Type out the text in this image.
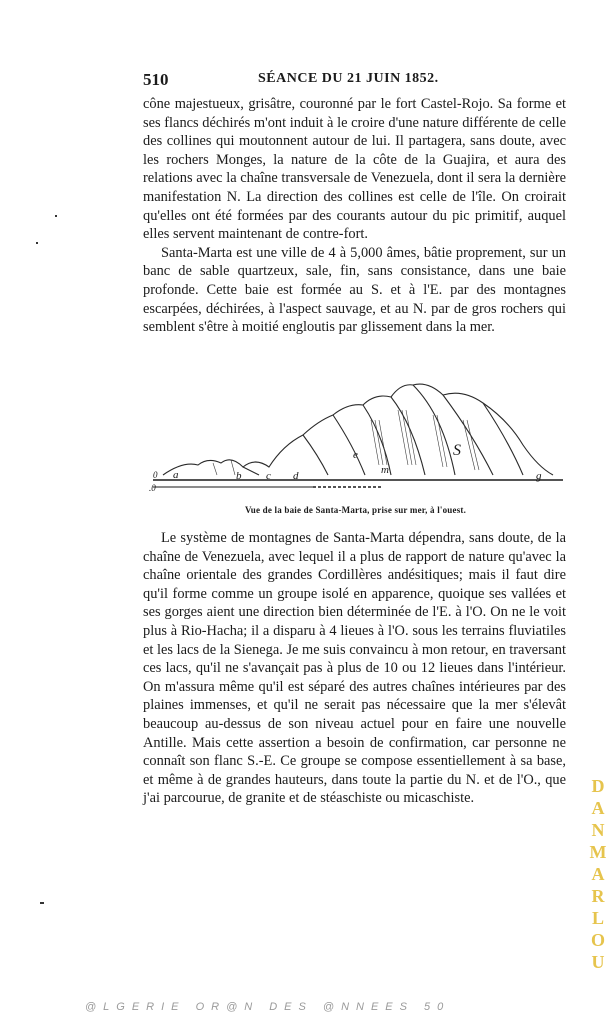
510	SÉANCE DU 21 JUIN 1852.

cône majestueux, grisâtre, couronné par le fort Castel-Rojo. Sa forme et ses flancs déchirés m'ont induit à le croire d'une nature différente de celle des collines qui moutonnent autour de lui. Il partagera, sans doute, avec les rochers Monges, la nature de la côte de la Guajira, et aura des relations avec la chaîne transversale de Venezuela, dont il sera la dernière manifestation N. La direction des collines est celle de l'île. On croirait qu'elles ont été formées par des courants autour du pic primitif, auquel elles servent maintenant de contre-fort.

Santa-Marta est une ville de 4 à 5,000 âmes, bâtie proprement, sur un banc de sable quartzeux, sale, fin, sans consistance, dans une baie profonde. Cette baie est formée au S. et à l'E. par des montagnes escarpées, déchirées, à l'aspect sauvage, et au N. par de gros rochers qui semblent s'être à moitié engloutis par glissement dans la mer.

a	b c d
e
m
S
g
0
.0
Vue de la baie de Santa-Marta, prise sur mer, à l'ouest.

Le système de montagnes de Santa-Marta dépendra, sans doute, de la chaîne de Venezuela, avec lequel il a plus de rapport de nature qu'avec la chaîne orientale des grandes Cordillères andésitiques; mais il faut dire qu'il forme comme un groupe isolé en apparence, quoique ses vallées et ses gorges aient une direction bien déterminée de l'E. à l'O. On ne le voit plus à Rio-Hacha; il a disparu à 4 lieues à l'O. sous les terrains fluviatiles et les lacs de la Sienega. Je me suis convaincu à mon retour, en traversant ces lacs, qu'il ne s'avançait pas à plus de 10 ou 12 lieues dans l'intérieur. On m'assura même qu'il est séparé des autres chaînes intérieures par des plaines immenses, et qu'il ne serait pas nécessaire que la mer s'élevât beaucoup au-dessus de son niveau actuel pour en faire une nouvelle Antille. Mais cette assertion a besoin de confirmation, car personne ne connaît son flanc S.-E. Ce groupe se compose essentiellement à sa base, et même à de grandes hauteurs, dans toute la partie du N. et de l'O., que j'ai parcourue, de granite et de stéaschiste ou micaschiste.	DANMARLOU
@LGERIE OR@N DES @NNEES 50
